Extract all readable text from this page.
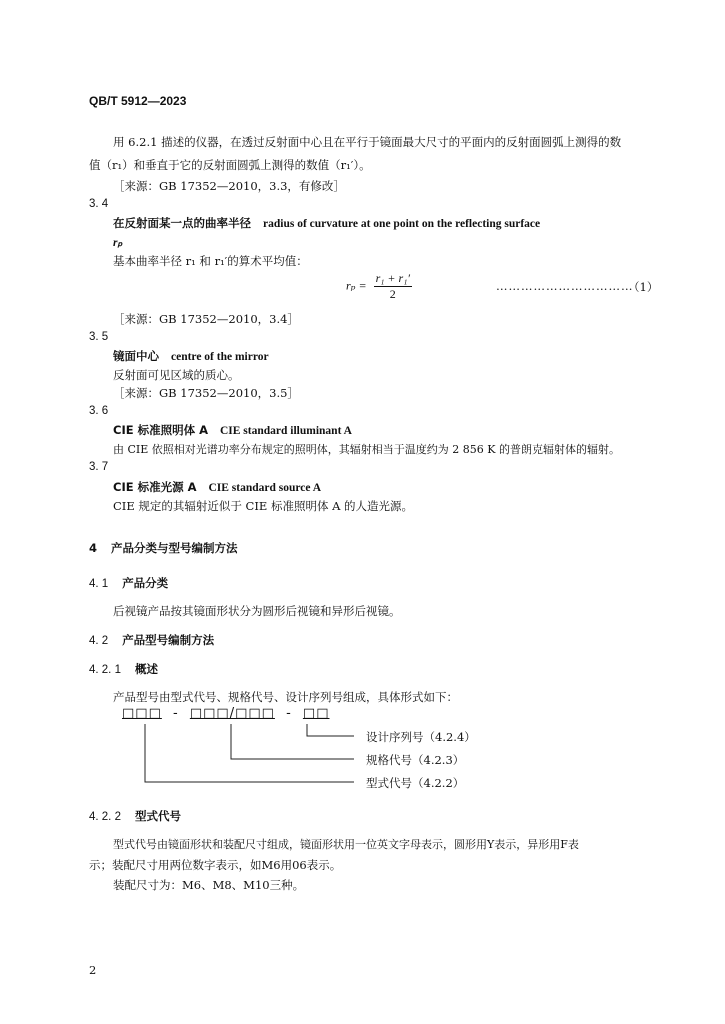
QB/T 5912—2023
用 6.2.1 描述的仪器，在透过反射面中心且在平行于镜面最大尺寸的平面内的反射面圆弧上测得的数
值（r₁）和垂直于它的反射面圆弧上测得的数值（r₁′）。
［来源：GB 17352—2010，3.3，有修改］
3. 4
在反射面某一点的曲率半径 radius of curvature at one point on the reflecting surface
rₚ
基本曲率半径 r₁ 和 r₁′的算术平均值：
$r_p = \frac{\text{r₁ + r₁′}}{2}$	……………………………
（1）
［来源：GB 17352—2010，3.4］
3. 5
镜面中心 centre of the mirror
反射面可见区域的质心。
［来源：GB 17352—2010，3.5］
3. 6
CIE 标准照明体 A CIE standard illuminant A
由 CIE 依照相对光谱功率分布规定的照明体，其辐射相当于温度约为 2 856 K 的普朗克辐射体的辐射。
3. 7
CIE 标准光源 A CIE standard source A
CIE 规定的其辐射近似于 CIE 标准照明体 A 的人造光源。
4 产品分类与型号编制方法
4. 1 产品分类
后视镜产品按其镜面形状分为圆形后视镜和异形后视镜。
4. 2 产品型号编制方法
4. 2. 1 概述
产品型号由型式代号、规格代号、设计序列号组成，具体形式如下：
□□□ - □□□/□□□ - □□
设计序列号（4.2.4）
规格代号（4.2.3）
型式代号（4.2.2）
4. 2. 2 型式代号
型式代号由镜面形状和装配尺寸组成，镜面形状用一位英文字母表示，圆形用Y表示，异形用F表
示；装配尺寸用两位数字表示，如M6用06表示。
装配尺寸为：M6、M8、M10三种。
2
